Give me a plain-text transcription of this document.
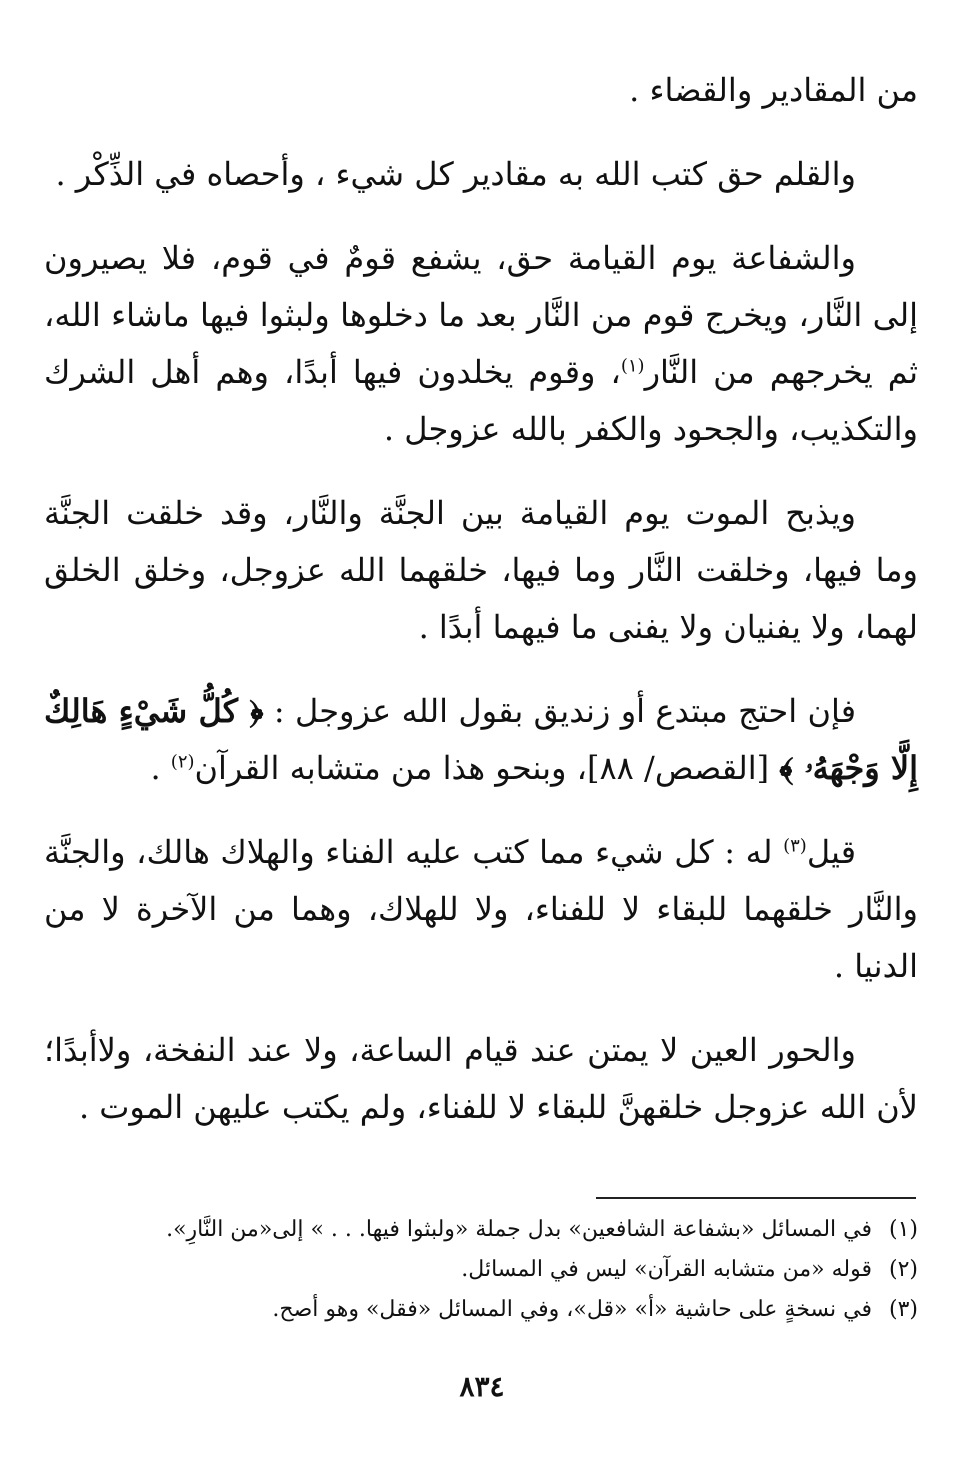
من المقادير والقضاء .

والقلم حق كتب الله به مقادير كل شيء ، وأحصاه في الذِّكْر .

والشفاعة يوم القيامة حق، يشفع قومٌ في قوم، فلا يصيرون إلى النَّار، ويخرج قوم من النَّار بعد ما دخلوها ولبثوا فيها ماشاء الله، ثم يخرجهم من النَّار$^{(١)}$، وقوم يخلدون فيها أبدًا، وهم أهل الشرك والتكذيب، والجحود والكفر بالله عزوجل .

ويذبح الموت يوم القيامة بين الجنَّة والنَّار، وقد خلقت الجنَّة وما فيها، وخلقت النَّار وما فيها، خلقهما الله عزوجل، وخلق الخلق لهما، ولا يفنيان ولا يفنى ما فيهما أبدًا .

فإن احتج مبتدع أو زنديق بقول الله عزوجل : ﴿ كُلُّ شَيْءٍ هَالِكٌ إِلَّا وَجْهَهُۥ ﴾ [القصص/ ٨٨]، وبنحو هذا من متشابه القرآن$^{(٢)}$ .

قيل$^{(٣)}$ له : كل شيء مما كتب عليه الفناء والهلاك هالك، والجنَّة والنَّار خلقهما للبقاء لا للفناء، ولا للهلاك، وهما من الآخرة لا من الدنيا .

والحور العين لا يمتن عند قيام الساعة، ولا عند النفخة، ولاأبدًا؛ لأن الله عزوجل خلقهنَّ للبقاء لا للفناء، ولم يكتب عليهن الموت .

(١)
في المسائل «بشفاعة الشافعين» بدل جملة «ولبثوا فيها. . . » إلى«من النَّارِ».

(٢)
قوله «من متشابه القرآن» ليس في المسائل.

(٣)
في نسخةٍ على حاشية «أ» «قل»، وفي المسائل «فقل» وهو أصح.

٨٣٤
